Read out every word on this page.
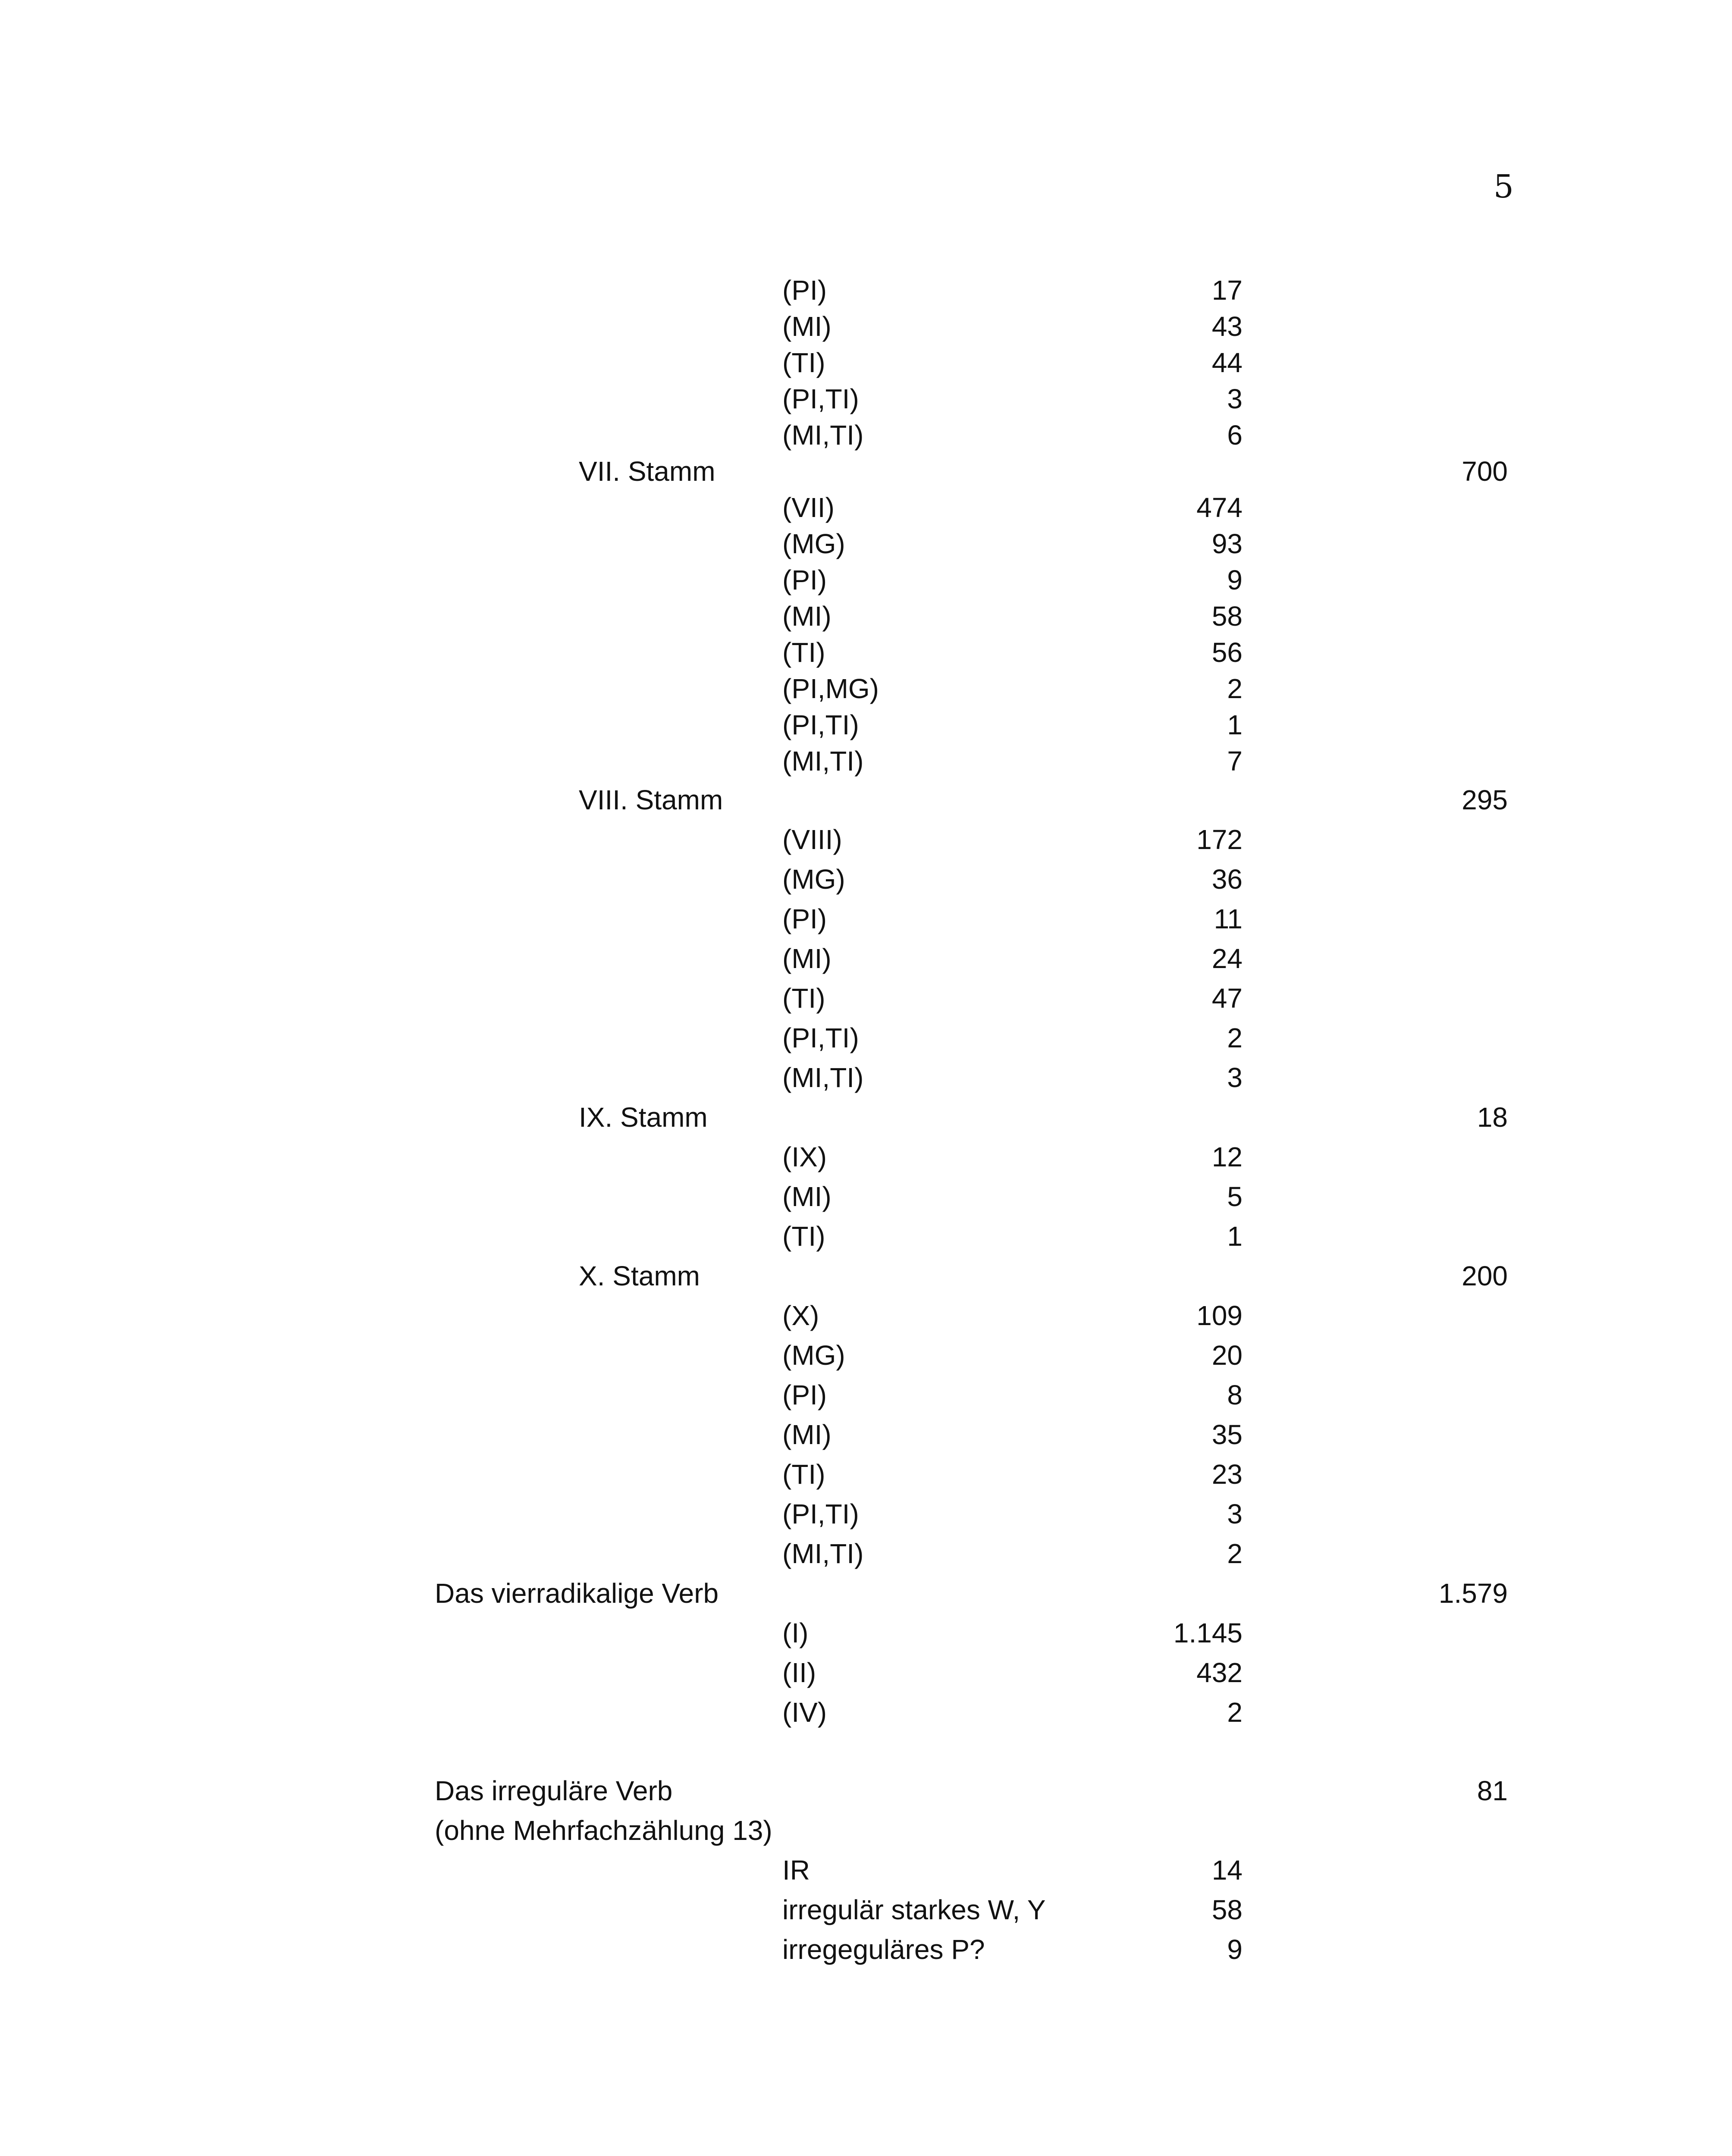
5
(PI)	17
(MI)	43
(TI)	44
(PI,TI)	3
(MI,TI)	6
VII. Stamm	700
(VII)	474
(MG)	93
(PI)	9
(MI)	58
(TI)	56
(PI,MG)	2
(PI,TI)	1
(MI,TI)	7
VIII. Stamm	295
(VIII)	172
(MG)	36
(PI)	11
(MI)	24
(TI)	47
(PI,TI)	2
(MI,TI)	3
IX. Stamm	18
(IX)	12
(MI)	5
(TI)	1
X. Stamm	200
(X)	109
(MG)	20
(PI)	8
(MI)	35
(TI)	23
(PI,TI)	3
(MI,TI)	2
Das vierradikalige Verb	1.579
(I)	1.145
(II)	432
(IV)	2
Das irreguläre Verb	81
(ohne Mehrfachzählung 13)
IR	14
irregulär starkes W, Y	58
irregeguläres P?	9
